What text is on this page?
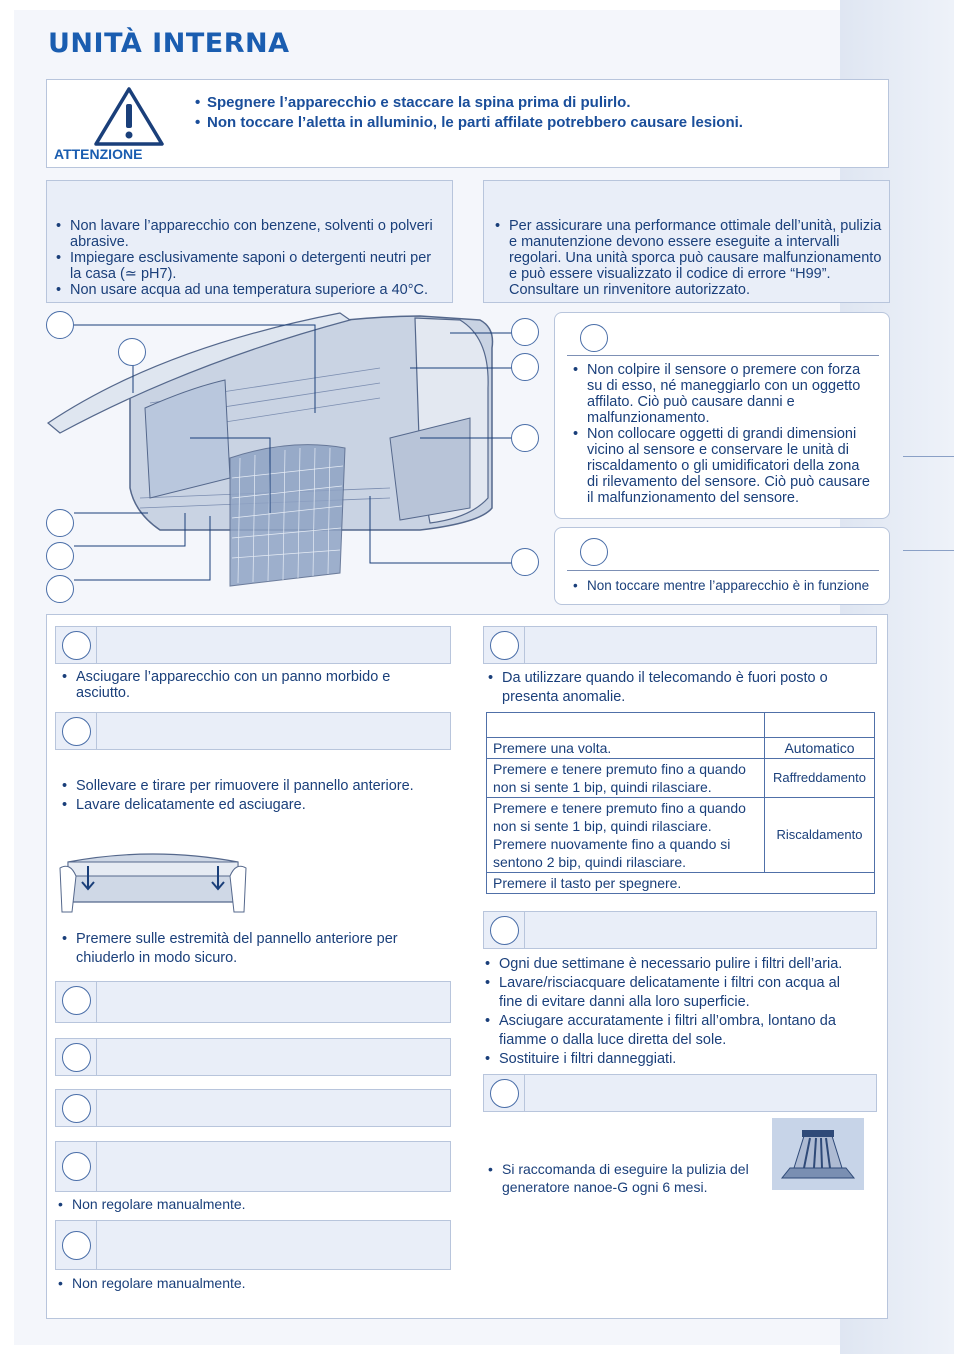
UNITÀ INTERNA
ATTENZIONE
• Spegnere l’apparecchio e staccare la spina prima di pulirlo.
• Non toccare l’aletta in alluminio, le parti affilate potrebbero causare lesioni.
• Non lavare l’apparecchio con benzene, solventi o polveri abrasive.
• Impiegare esclusivamente saponi o detergenti neutri per la casa (≃ pH7).
• Non usare acqua ad una temperatura superiore a 40°C.
• Per assicurare una performance ottimale dell’unità, pulizia e manutenzione devono essere eseguite a intervalli regolari. Una unità sporca può causare malfunzionamento e può essere visualizzato il codice di errore “H99”. Consultare un rinvenitore autorizzato.
• Non colpire il sensore o premere con forza su di esso, né maneggiarlo con un oggetto affilato. Ciò può causare danni e malfunzionamento.
• Non collocare oggetti di grandi dimensioni vicino al sensore e conservare le unità di riscaldamento o gli umidificatori della zona di rilevamento del sensore. Ciò può causare il malfunzionamento del sensore.
• Non toccare mentre l’apparecchio è in funzione
• Asciugare l’apparecchio con un panno morbido e asciutto.
• Sollevare e tirare per rimuovere il pannello anteriore.
• Lavare delicatamente ed asciugare.
• Premere sulle estremità del pannello anteriore per chiuderlo in modo sicuro.
• Non regolare manualmente.
• Non regolare manualmente.
• Da utilizzare quando il telecomando è fuori posto o presenta anomalie.

Premere una volta.	Automatico
Premere e tenere premuto fino a quando non si sente 1 bip, quindi rilasciare.	Raffreddamento
Premere e tenere premuto fino a quando non si sente 1 bip, quindi rilasciare. Premere nuovamente fino a quando si sentono 2 bip, quindi rilasciare.	Riscaldamento
Premere il tasto per spegnere.	
• Ogni due settimane è necessario pulire i filtri dell’aria.
• Lavare/risciacquare delicatamente i filtri con acqua al fine di evitare danni alla loro superficie.
• Asciugare accuratamente i filtri all’ombra, lontano da fiamme o dalla luce diretta del sole.
• Sostituire i filtri danneggiati.
• Si raccomanda di eseguire la pulizia del generatore nanoe-G ogni 6 mesi.
